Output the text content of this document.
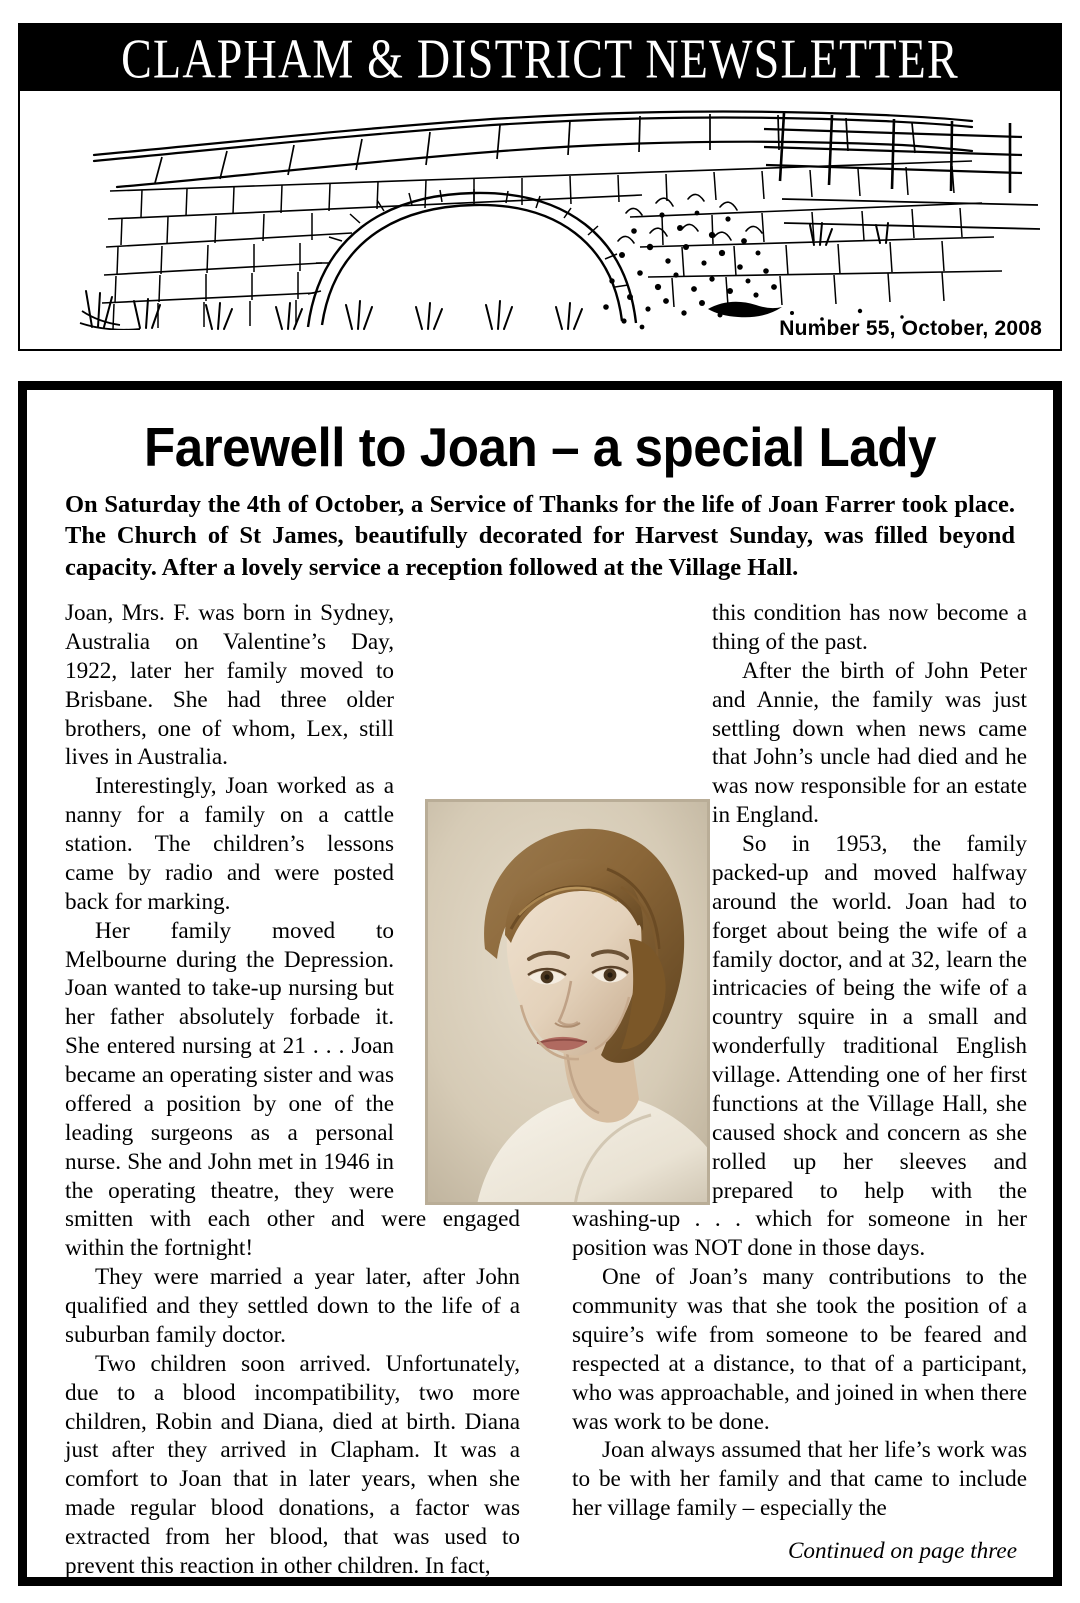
CLAPHAM & DISTRICT NEWSLETTER
Number 55, October, 2008
Farewell to Joan – a special Lady
On Saturday the 4th of October, a Service of Thanks for the life of Joan Farrer took place. The Church of St James, beautifully decorated for Harvest Sunday, was filled beyond capacity. After a lovely service a reception followed at the Village Hall.

Joan, Mrs. F. was born in Sydney, Australia on Valentine’s Day, 1922, later her family moved to Brisbane. She had three older brothers, one of whom, Lex, still lives in Australia.

Interestingly, Joan worked as a nanny for a family on a cattle station. The children’s lessons came by radio and were posted back for marking.

Her family moved to Melbourne during the Depression. Joan wanted to take-up nursing but her father absolutely forbade it. She entered nursing at 21 . . . Joan became an operating sister and was offered a position by one of the leading surgeons as a personal nurse. She and John met in 1946 in the operating theatre, they were smitten with each other and were engaged within the fortnight!

They were married a year later, after John qualified and they settled down to the life of a suburban family doctor.

Two children soon arrived. Unfortunately, due to a blood incompatibility, two more children, Robin and Diana, died at birth. Diana just after they arrived in Clapham. It was a comfort to Joan that in later years, when she made regular blood donations, a factor was extracted from her blood, that was used to prevent this reaction in other children. In fact,

this condition has now become a thing of the past.

After the birth of John Peter and Annie, the family was just settling down when news came that John’s uncle had died and he was now responsible for an estate in England.

So in 1953, the family packed-up and moved halfway around the world. Joan had to forget about being the wife of a family doctor, and at 32, learn the intricacies of being the wife of a country squire in a small and wonderfully traditional English village. Attending one of her first functions at the Village Hall, she caused shock and concern as she rolled up her sleeves and prepared to help with the washing-up . . . which for someone in her position was NOT done in those days.

One of Joan’s many contributions to the community was that she took the position of a squire’s wife from someone to be feared and respected at a distance, to that of a participant, who was approachable, and joined in when there was work to be done.

Joan always assumed that her life’s work was to be with her family and that came to include her village family – especially the

Continued on page three
